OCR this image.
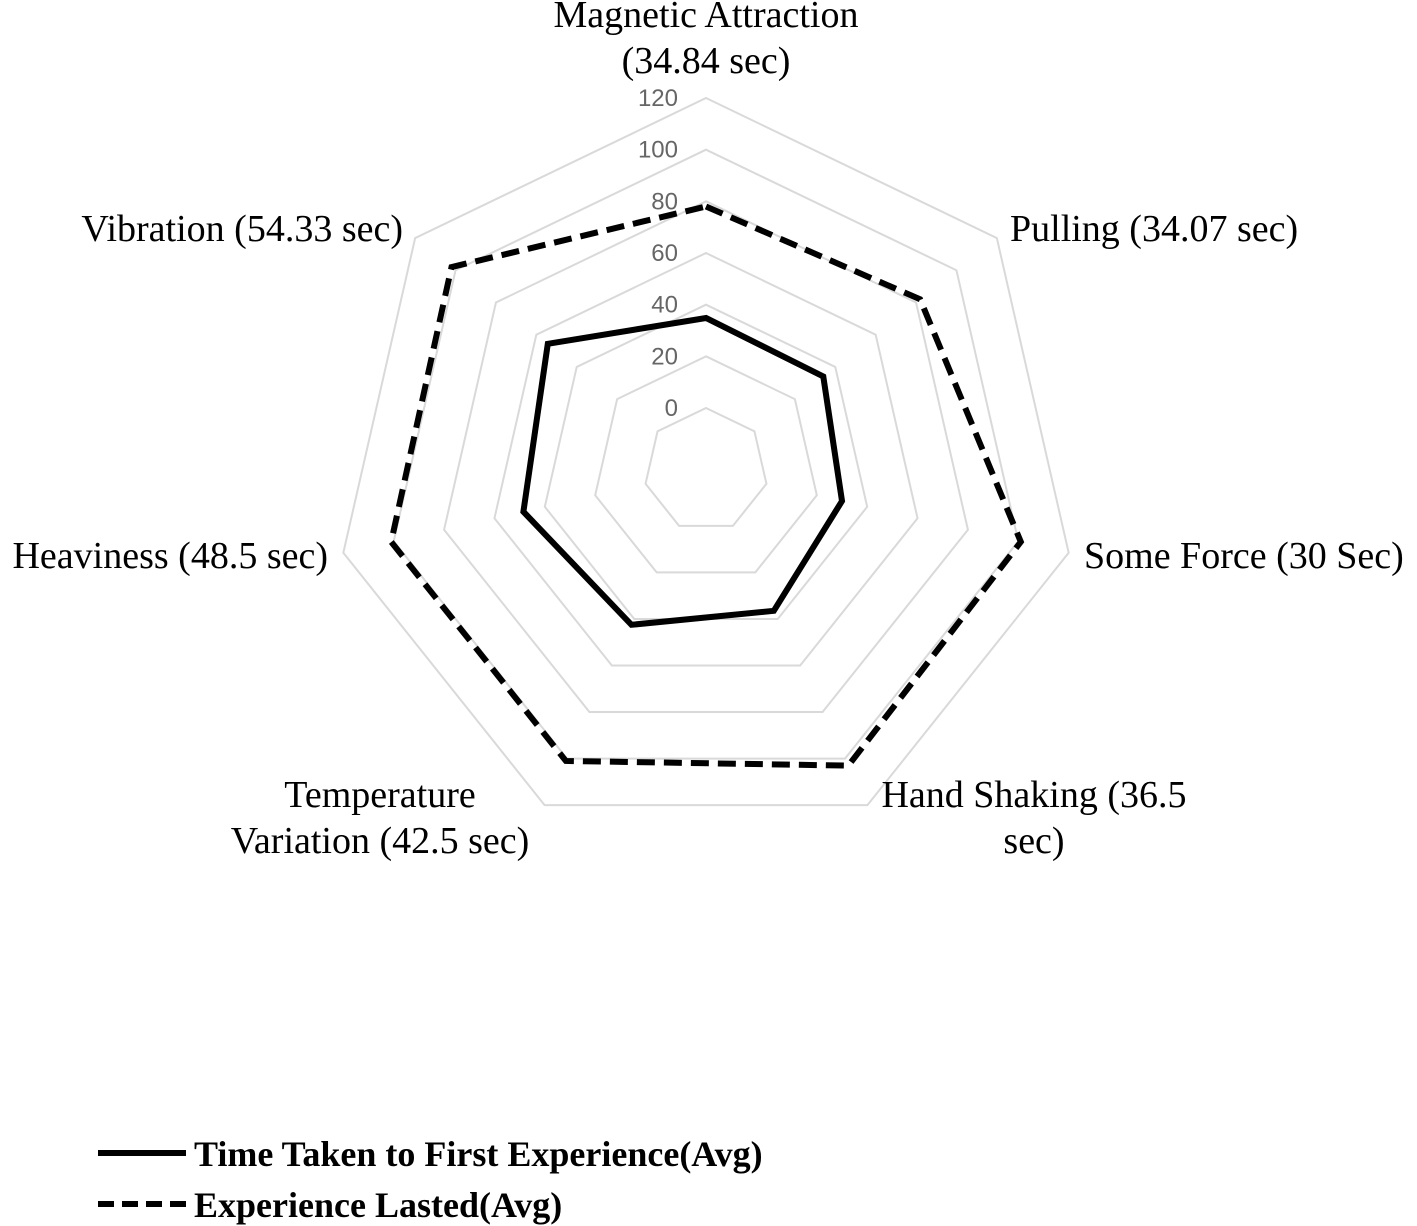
0
20
40
60
80
100
120
Magnetic Attraction (34.84 sec)
Pulling (34.07 sec)
Some Force (30 Sec)
Hand Shaking (36.5 sec)
Temperature Variation (42.5 sec)
Heaviness (48.5 sec)
Vibration (54.33 sec)
Time Taken to First Experience(Avg)
Experience Lasted(Avg)
